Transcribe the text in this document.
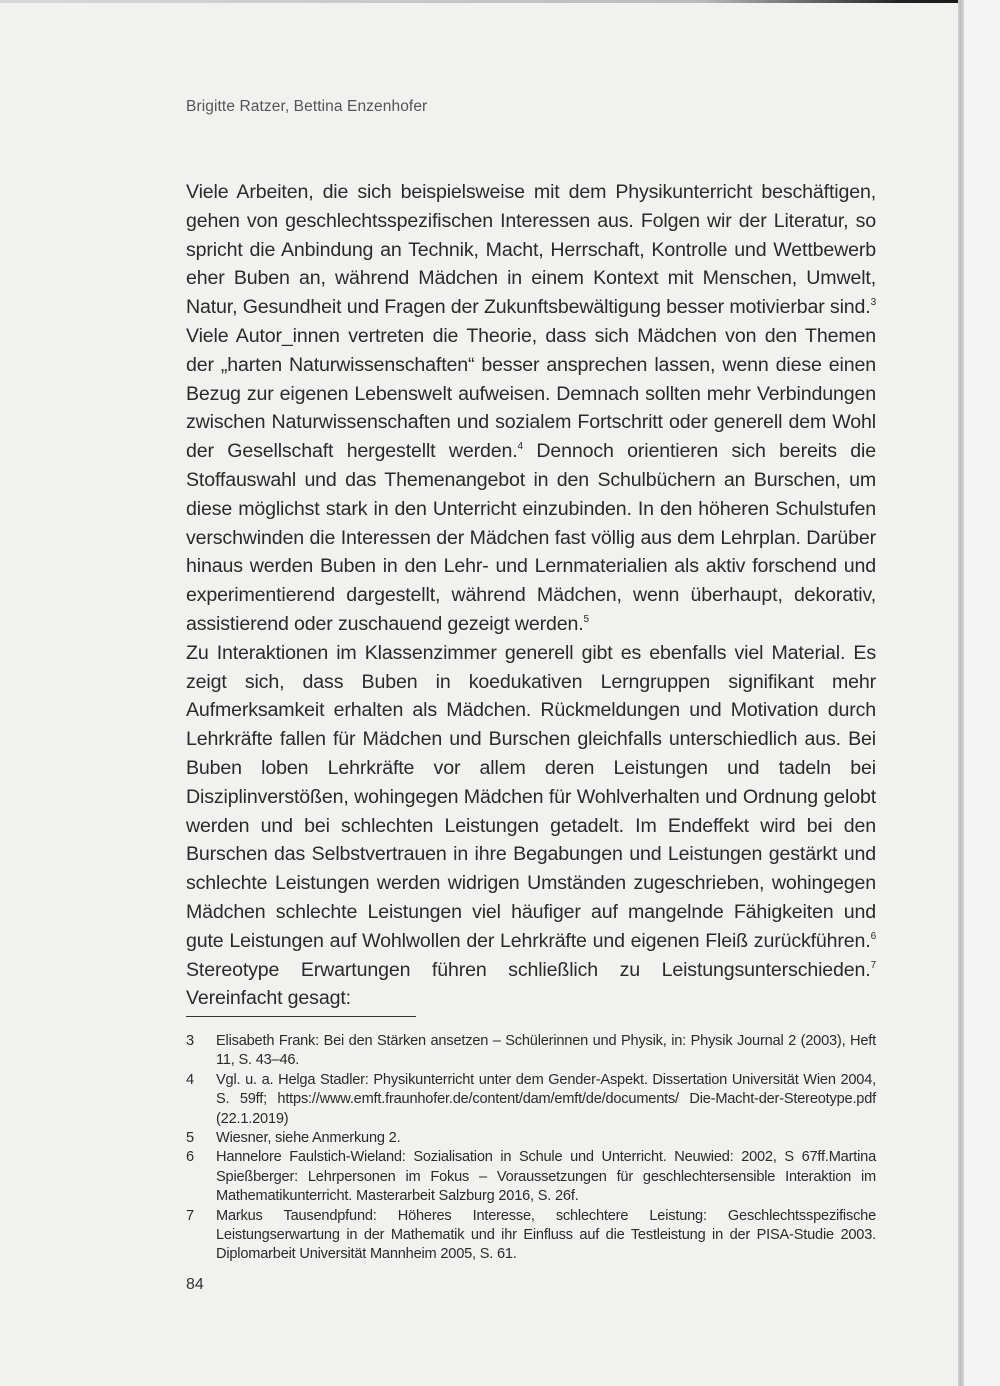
Brigitte Ratzer, Bettina Enzenhofer

Viele Arbeiten, die sich beispielsweise mit dem Physikunterricht beschäftigen, gehen von geschlechtsspezifischen Interessen aus. Folgen wir der Literatur, so spricht die Anbindung an Technik, Macht, Herrschaft, Kontrolle und Wettbewerb eher Buben an, während Mädchen in einem Kontext mit Menschen, Umwelt, Natur, Gesundheit und Fragen der Zukunftsbewältigung besser motivierbar sind.$^3$ Viele Autor_innen vertreten die Theorie, dass sich Mädchen von den Themen der „harten Naturwissenschaften“ besser ansprechen lassen, wenn diese einen Bezug zur eigenen Lebenswelt aufweisen. Demnach sollten mehr Verbindungen zwischen Naturwissenschaften und sozialem Fortschritt oder generell dem Wohl der Gesellschaft hergestellt werden.$^4$ Dennoch orientieren sich bereits die Stoffauswahl und das Themenangebot in den Schulbüchern an Burschen, um diese möglichst stark in den Unterricht einzubinden. In den höheren Schulstufen verschwinden die Interessen der Mädchen fast völlig aus dem Lehrplan. Darüber hinaus werden Buben in den Lehr- und Lernmaterialien als aktiv forschend und experimentierend dargestellt, während Mädchen, wenn überhaupt, dekorativ, assistierend oder zuschauend gezeigt werden.$^5$

Zu Interaktionen im Klassenzimmer generell gibt es ebenfalls viel Material. Es zeigt sich, dass Buben in koedukativen Lerngruppen signifikant mehr Aufmerksamkeit erhalten als Mädchen. Rückmeldungen und Motivation durch Lehrkräfte fallen für Mädchen und Burschen gleichfalls unterschiedlich aus. Bei Buben loben Lehrkräfte vor allem deren Leistungen und tadeln bei Disziplinverstößen, wohingegen Mädchen für Wohlverhalten und Ordnung gelobt werden und bei schlechten Leistungen getadelt. Im Endeffekt wird bei den Burschen das Selbstvertrauen in ihre Begabungen und Leistungen gestärkt und schlechte Leistungen werden widrigen Umständen zugeschrieben, wohingegen Mädchen schlechte Leistungen viel häufiger auf mangelnde Fähigkeiten und gute Leistungen auf Wohlwollen der Lehrkräfte und eigenen Fleiß zurückführen.$^6$ Stereotype Erwartungen führen schließlich zu Leistungsunterschieden.$^7$ Vereinfacht gesagt:

3	Elisabeth Frank: Bei den Stärken ansetzen – Schülerinnen und Physik, in: Physik Journal 2 (2003), Heft 11, S. 43–46.
4	Vgl. u. a. Helga Stadler: Physikunterricht unter dem Gender-Aspekt. Dissertation Universität Wien 2004, S. 59ff; https://www.emft.fraunhofer.de/content/dam/emft/de/documents/ Die-Macht-der-Stereotype.pdf (22.1.2019)
5	Wiesner, siehe Anmerkung 2.
6	Hannelore Faulstich-Wieland: Sozialisation in Schule und Unterricht. Neuwied: 2002, S 67ff.Martina Spießberger: Lehrpersonen im Fokus – Voraussetzungen für geschlechtersensible Interaktion im Mathematikunterricht. Masterarbeit Salzburg 2016, S. 26f.
7	Markus Tausendpfund: Höheres Interesse, schlechtere Leistung: Geschlechtsspezifische Leistungserwartung in der Mathematik und ihr Einfluss auf die Testleistung in der PISA-Studie 2003. Diplomarbeit Universität Mannheim 2005, S. 61.
84
